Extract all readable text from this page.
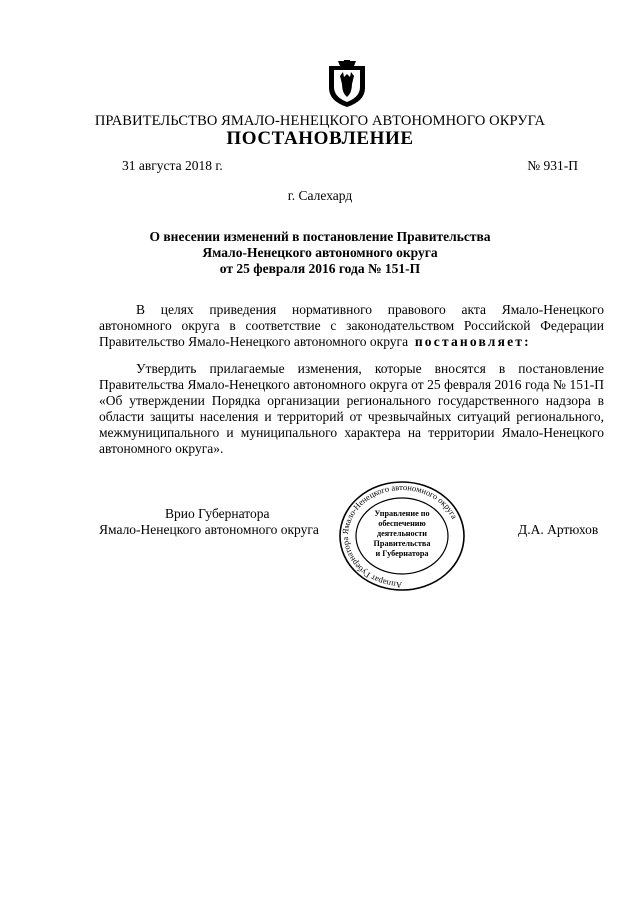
ПРАВИТЕЛЬСТВО ЯМАЛО-НЕНЕЦКОГО АВТОНОМНОГО ОКРУГА
ПОСТАНОВЛЕНИЕ
31 августа 2018 г.	№ 931-П
г. Салехард
О внесении изменений в постановление Правительства
Ямало-Ненецкого автономного округа
от 25 февраля 2016 года № 151-П
В целях приведения нормативного правового акта Ямало-Ненецкого автономного округа в соответствие с законодательством Российской Федерации Правительство Ямало-Ненецкого автономного округа постановляет:
Утвердить прилагаемые изменения, которые вносятся в постановление Правительства Ямало-Ненецкого автономного округа от 25 февраля 2016 года № 151-П «Об утверждении Порядка организации регионального государственного надзора в области защиты населения и территорий от чрезвычайных ситуаций регионального, межмуниципального и муниципального характера на территории Ямало-Ненецкого автономного округа».
Врио Губернатора
Ямало-Ненецкого автономного округа	Д.А. Артюхов
Аппарат Губернатора Ямало-Ненецкого автономного округа
Управление по
обеспечению
деятельности
Правительства
и Губернатора
